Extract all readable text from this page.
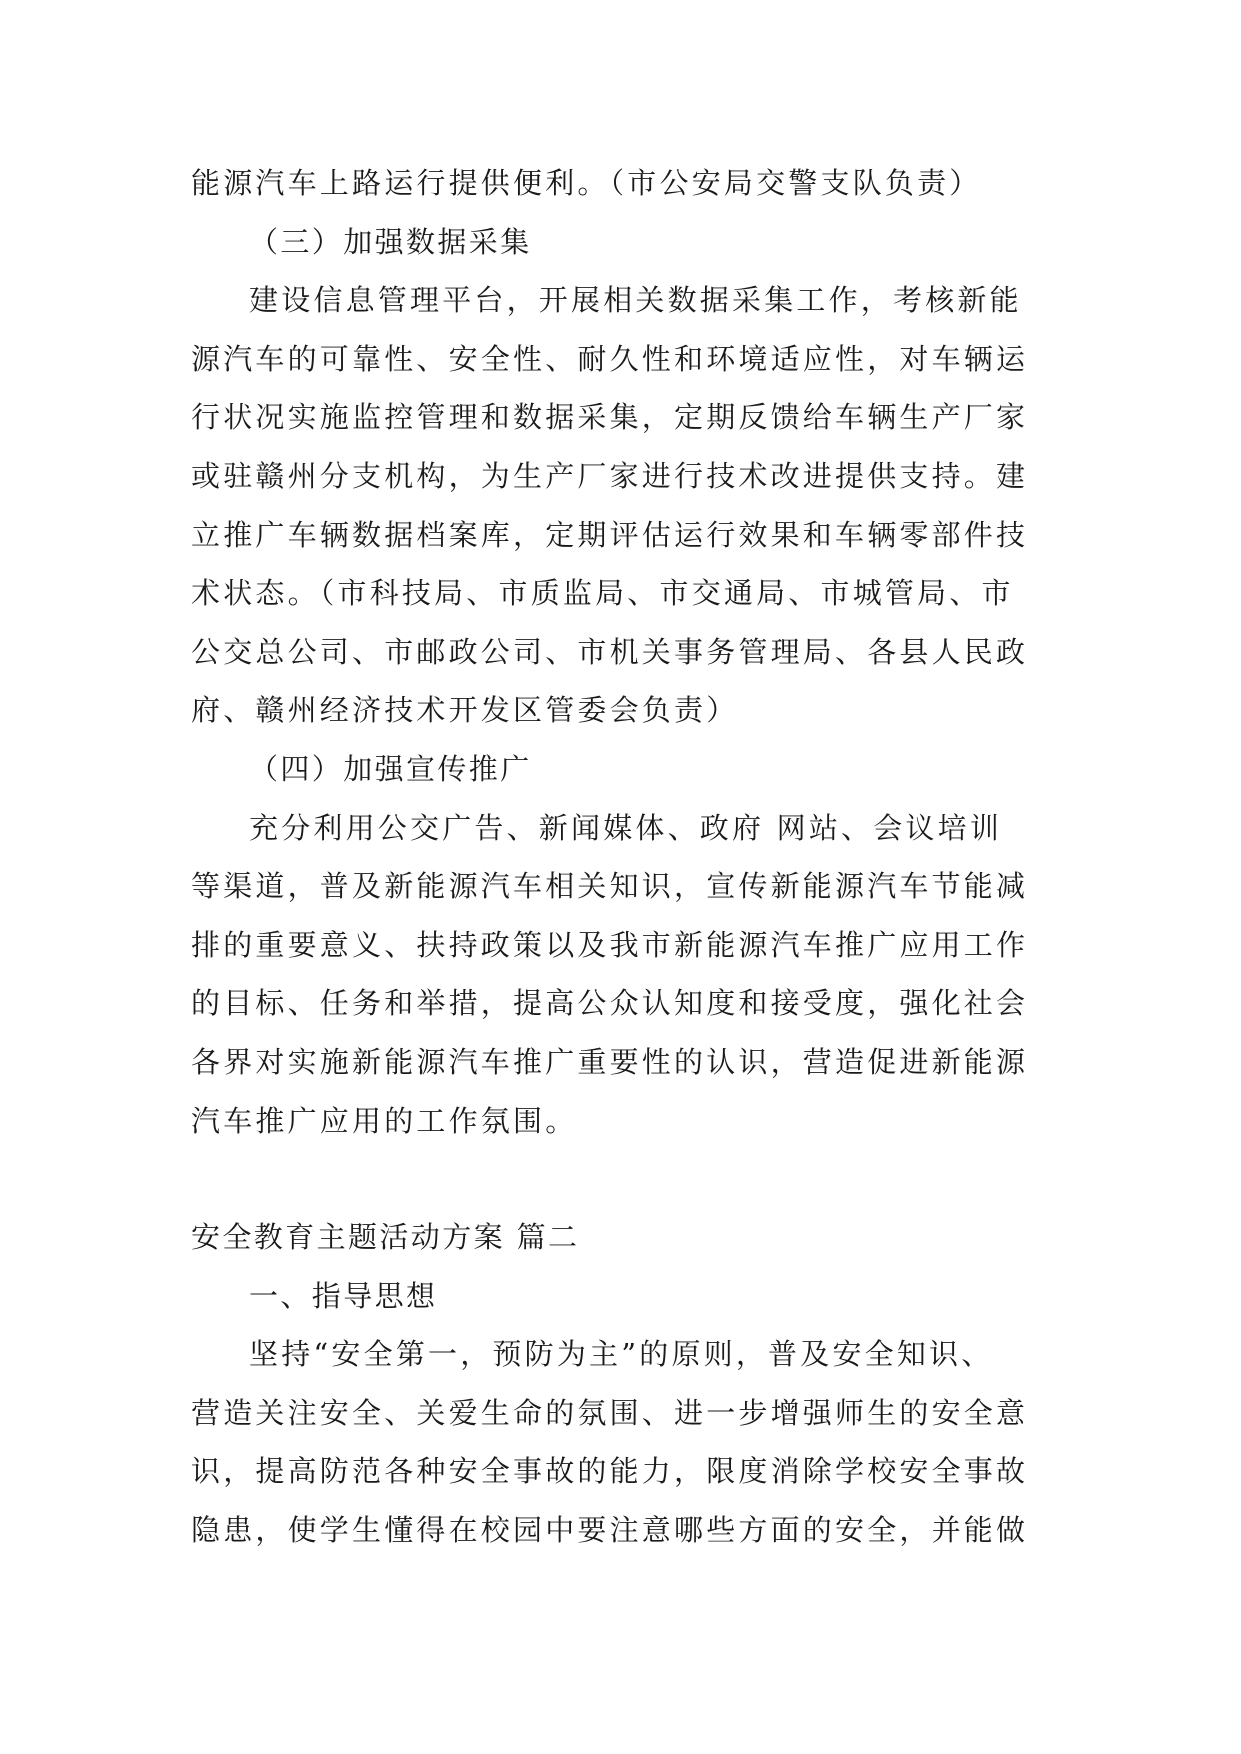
能源汽车上路运行提供便利。（市公安局交警支队负责）
（三）加强数据采集
建设信息管理平台，开展相关数据采集工作，考核新能
源汽车的可靠性、安全性、耐久性和环境适应性，对车辆运
行状况实施监控管理和数据采集，定期反馈给车辆生产厂家
或驻赣州分支机构，为生产厂家进行技术改进提供支持。建
立推广车辆数据档案库，定期评估运行效果和车辆零部件技
术状态。（市科技局、市质监局、市交通局、市城管局、市
公交总公司、市邮政公司、市机关事务管理局、各县人民政
府、赣州经济技术开发区管委会负责）
（四）加强宣传推广
充分利用公交广告、新闻媒体、政府 网站、会议培训
等渠道，普及新能源汽车相关知识，宣传新能源汽车节能减
排的重要意义、扶持政策以及我市新能源汽车推广应用工作
的目标、任务和举措，提高公众认知度和接受度，强化社会
各界对实施新能源汽车推广重要性的认识，营造促进新能源
汽车推广应用的工作氛围。
安全教育主题活动方案 篇二
一、指导思想
坚持“安全第一，预防为主”的原则，普及安全知识、
营造关注安全、关爱生命的氛围、进一步增强师生的安全意
识，提高防范各种安全事故的能力，限度消除学校安全事故
隐患，使学生懂得在校园中要注意哪些方面的安全，并能做
